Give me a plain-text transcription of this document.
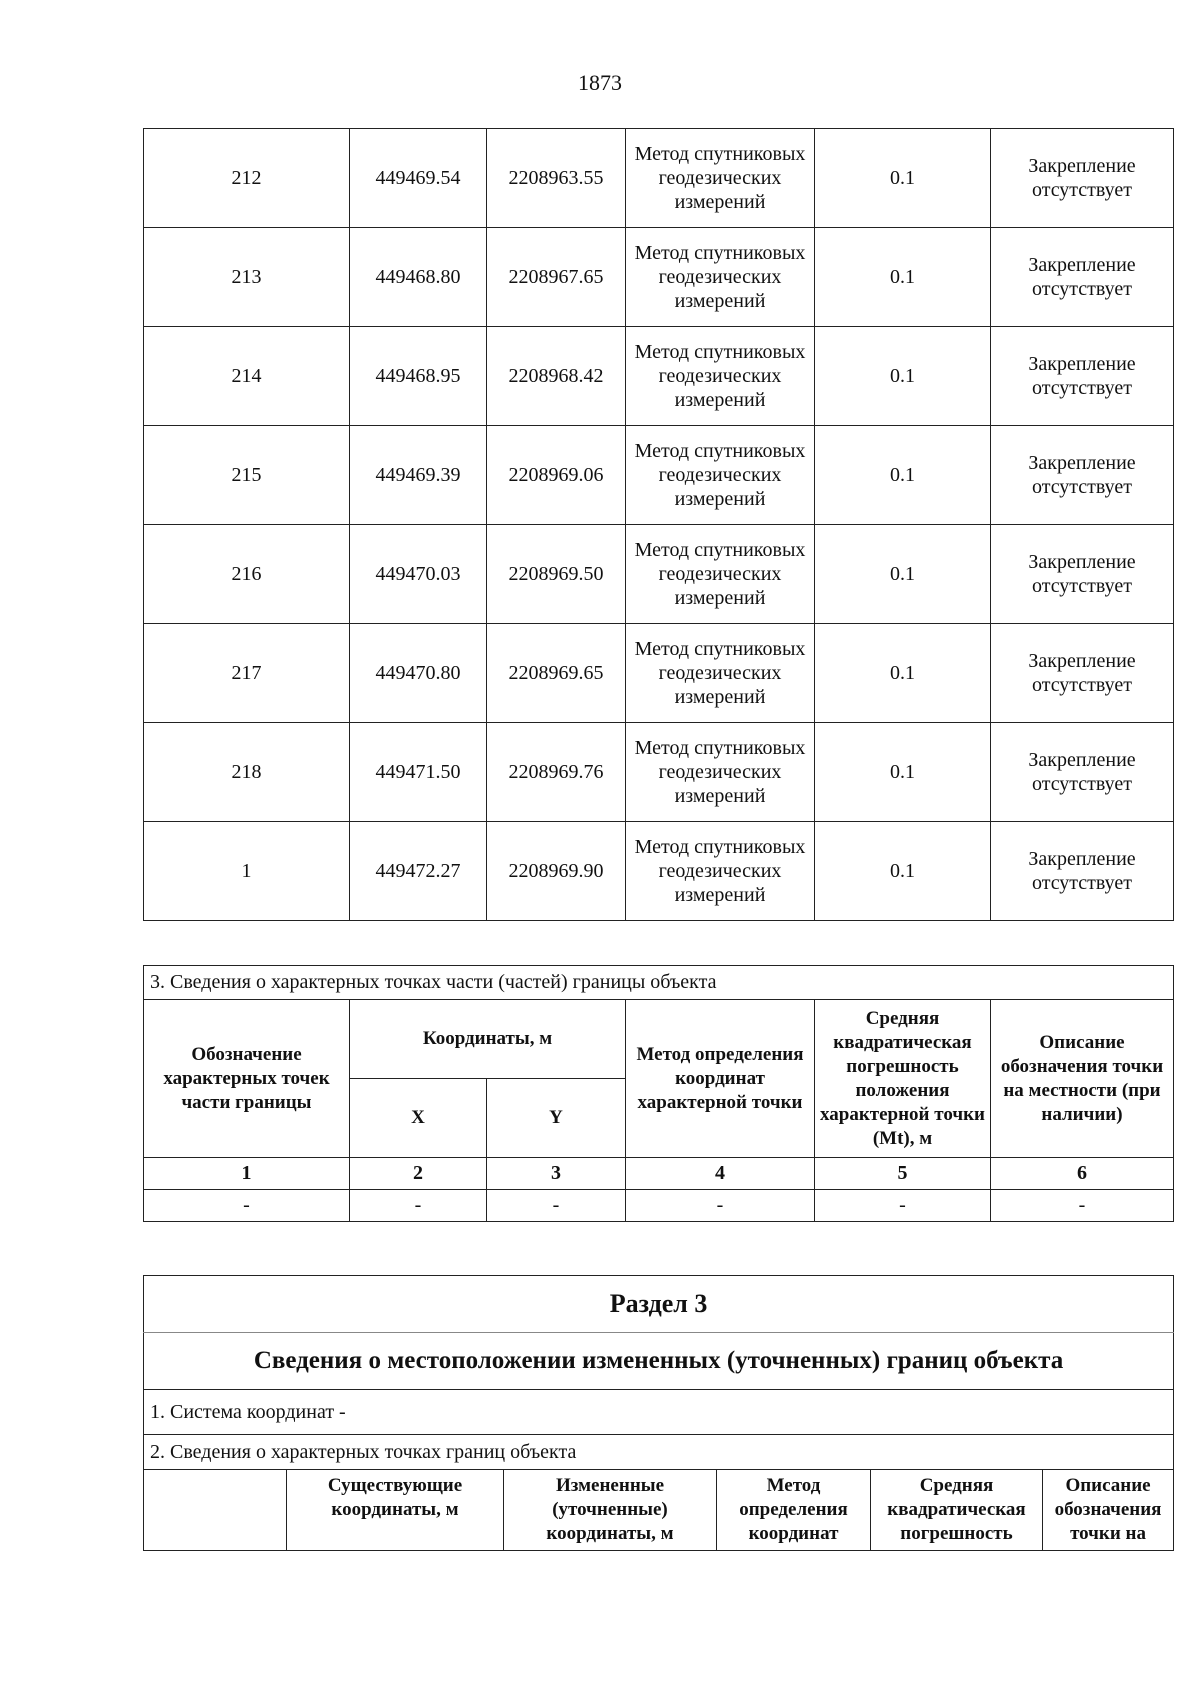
1873
212	449469.54	2208963.55	Метод спутниковых геодезических измерений	0.1	Закрепление отсутствует
213	449468.80	2208967.65	Метод спутниковых геодезических измерений	0.1	Закрепление отсутствует
214	449468.95	2208968.42	Метод спутниковых геодезических измерений	0.1	Закрепление отсутствует
215	449469.39	2208969.06	Метод спутниковых геодезических измерений	0.1	Закрепление отсутствует
216	449470.03	2208969.50	Метод спутниковых геодезических измерений	0.1	Закрепление отсутствует
217	449470.80	2208969.65	Метод спутниковых геодезических измерений	0.1	Закрепление отсутствует
218	449471.50	2208969.76	Метод спутниковых геодезических измерений	0.1	Закрепление отсутствует
1	449472.27	2208969.90	Метод спутниковых геодезических измерений	0.1	Закрепление отсутствует
3. Сведения о характерных точках части (частей) границы объекта					
Обозначение характерных точек части границы	Координаты, м		Метод определения координат характерной точки	Средняя квадратическая погрешность положения характерной точки (Mt), м	Описание обозначения точки на местности (при наличии)
	X	Y			
1	2	3	4	5	6
-	-	-	-	-	-
Раздел 3
Сведения о местоположении измененных (уточненных) границ объекта
1. Система координат -
2. Сведения о характерных точках границ объекта
	Существующие координаты, м	Измененные (уточненные) координаты, м	Метод определения координат	Средняя квадратическая погрешность	Описание обозначения точки на
